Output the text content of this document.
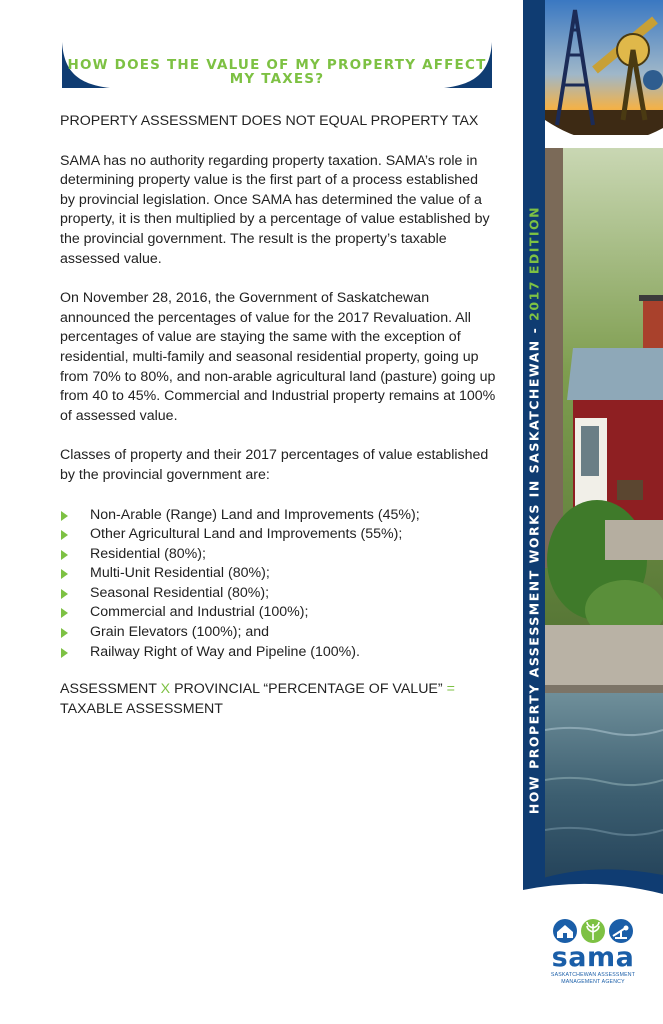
HOW DOES THE VALUE OF MY PROPERTY AFFECT MY TAXES?

PROPERTY ASSESSMENT DOES NOT EQUAL PROPERTY TAX

SAMA has no authority regarding property taxation. SAMA’s role in determining property value is the first part of a process established by provincial legislation. Once SAMA has determined the value of a property, it is then multiplied by a percentage of value established by the provincial government. The result is the property’s taxable assessed value.

On November 28, 2016, the Government of Saskatchewan announced the percentages of value for the 2017 Revaluation. All percentages of value are staying the same with the exception of residential, multi-family and seasonal residential property, going up from 70% to 80%, and non-arable agricultural land (pasture) going up from 40 to 45%. Commercial and Industrial property remains at 100% of assessed value.

Classes of property and their 2017 percentages of value established by the provincial government are:

Non-Arable (Range) Land and Improvements (45%);
Other Agricultural Land and Improvements (55%);
Residential (80%);
Multi-Unit Residential (80%);
Seasonal Residential (80%);
Commercial and Industrial (100%);
Grain Elevators (100%); and
Railway Right of Way and Pipeline (100%).

ASSESSMENT X PROVINCIAL “PERCENTAGE OF VALUE” =
TAXABLE ASSESSMENT	HOW PROPERTY ASSESSMENT WORKS IN SASKATCHEWAN - 2017 EDITION
sama
SASKATCHEWAN ASSESSMENT
MANAGEMENT AGENCY
